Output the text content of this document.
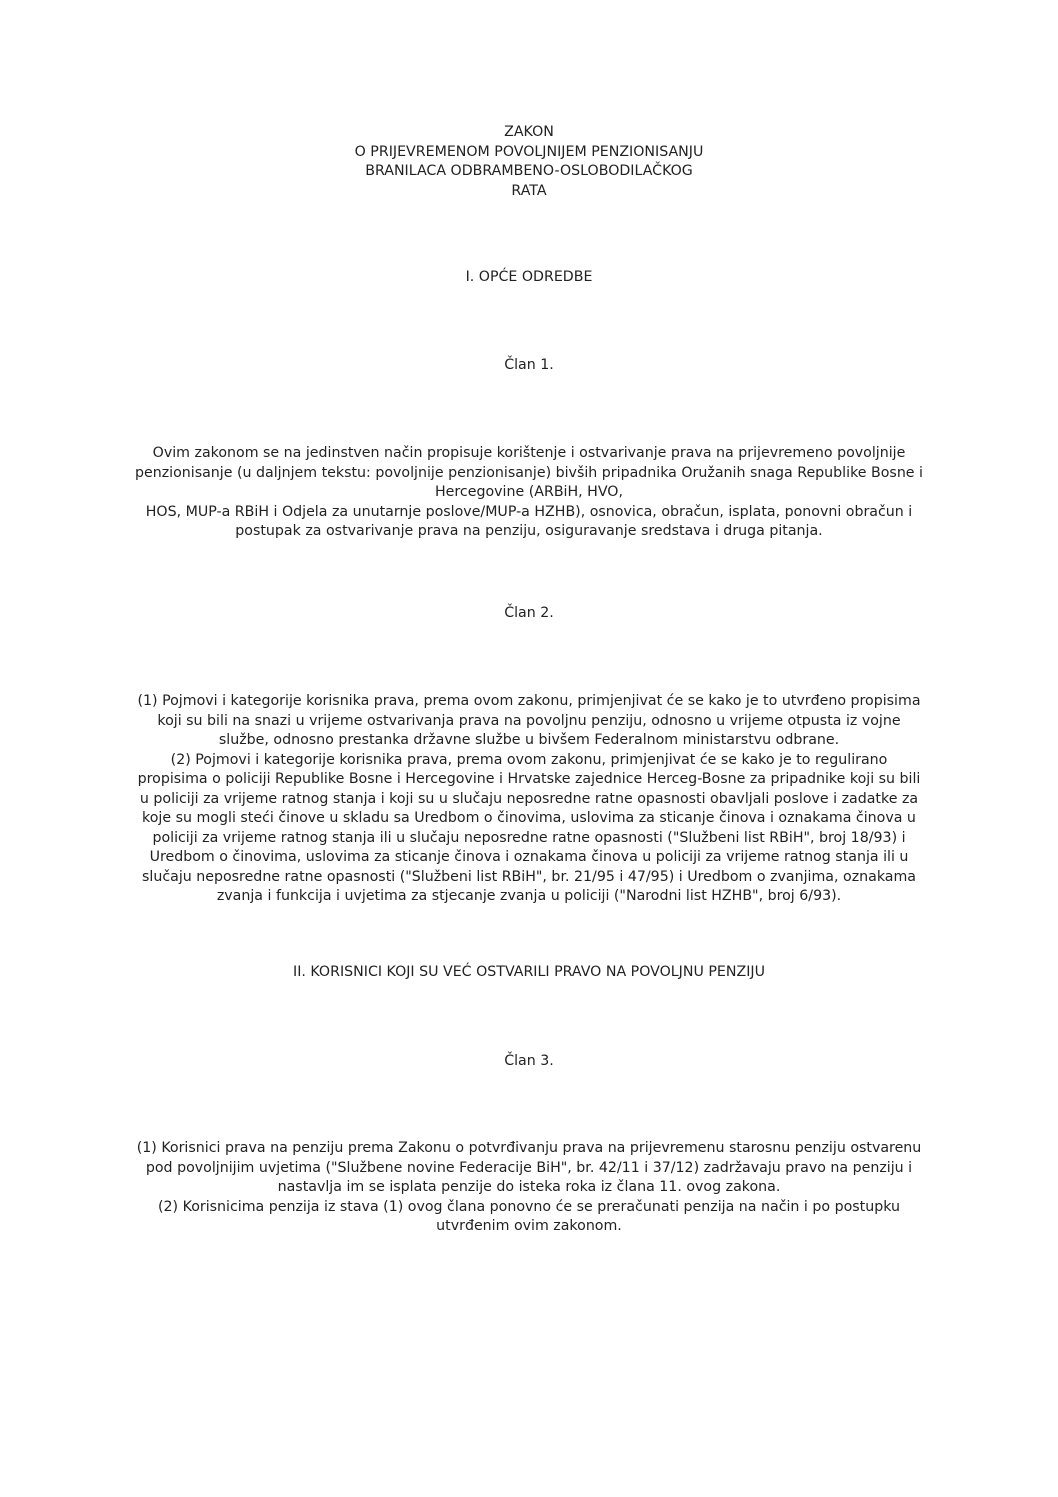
ZAKON
O PRIJEVREMENOM POVOLJNIJEM PENZIONISANJU
BRANILACA ODBRAMBENO-OSLOBODILAČKOG
RATA
I. OPĆE ODREDBE
Član 1.

Ovim zakonom se na jedinstven način propisuje korištenje i ostvarivanje prava na prijevremeno povoljnije
penzionisanje (u daljnjem tekstu: povoljnije penzionisanje) bivših pripadnika Oružanih snaga Republike Bosne i
Hercegovine (ARBiH, HVO,
HOS, MUP-a RBiH i Odjela za unutarnje poslove/MUP-a HZHB), osnovica, obračun, isplata, ponovni obračun i
postupak za ostvarivanje prava na penziju, osiguravanje sredstava i druga pitanja.

Član 2.

(1) Pojmovi i kategorije korisnika prava, prema ovom zakonu, primjenjivat će se kako je to utvrđeno propisima
koji su bili na snazi u vrijeme ostvarivanja prava na povoljnu penziju, odnosno u vrijeme otpusta iz vojne
službe, odnosno prestanka državne službe u bivšem Federalnom ministarstvu odbrane.
(2) Pojmovi i kategorije korisnika prava, prema ovom zakonu, primjenjivat će se kako je to regulirano
propisima o policiji Republike Bosne i Hercegovine i Hrvatske zajednice Herceg-Bosne za pripadnike koji su bili
u policiji za vrijeme ratnog stanja i koji su u slučaju neposredne ratne opasnosti obavljali poslove i zadatke za
koje su mogli steći činove u skladu sa Uredbom o činovima, uslovima za sticanje činova i oznakama činova u
policiji za vrijeme ratnog stanja ili u slučaju neposredne ratne opasnosti ("Službeni list RBiH", broj 18/93) i
Uredbom o činovima, uslovima za sticanje činova i oznakama činova u policiji za vrijeme ratnog stanja ili u
slučaju neposredne ratne opasnosti ("Službeni list RBiH", br. 21/95 i 47/95) i Uredbom o zvanjima, oznakama
zvanja i funkcija i uvjetima za stjecanje zvanja u policiji ("Narodni list HZHB", broj 6/93).

II. KORISNICI KOJI SU VEĆ OSTVARILI PRAVO NA POVOLJNU PENZIJU
Član 3.

(1) Korisnici prava na penziju prema Zakonu o potvrđivanju prava na prijevremenu starosnu penziju ostvarenu
pod povoljnijim uvjetima ("Službene novine Federacije BiH", br. 42/11 i 37/12) zadržavaju pravo na penziju i
nastavlja im se isplata penzije do isteka roka iz člana 11. ovog zakona.
(2) Korisnicima penzija iz stava (1) ovog člana ponovno će se preračunati penzija na način i po postupku
utvrđenim ovim zakonom.
